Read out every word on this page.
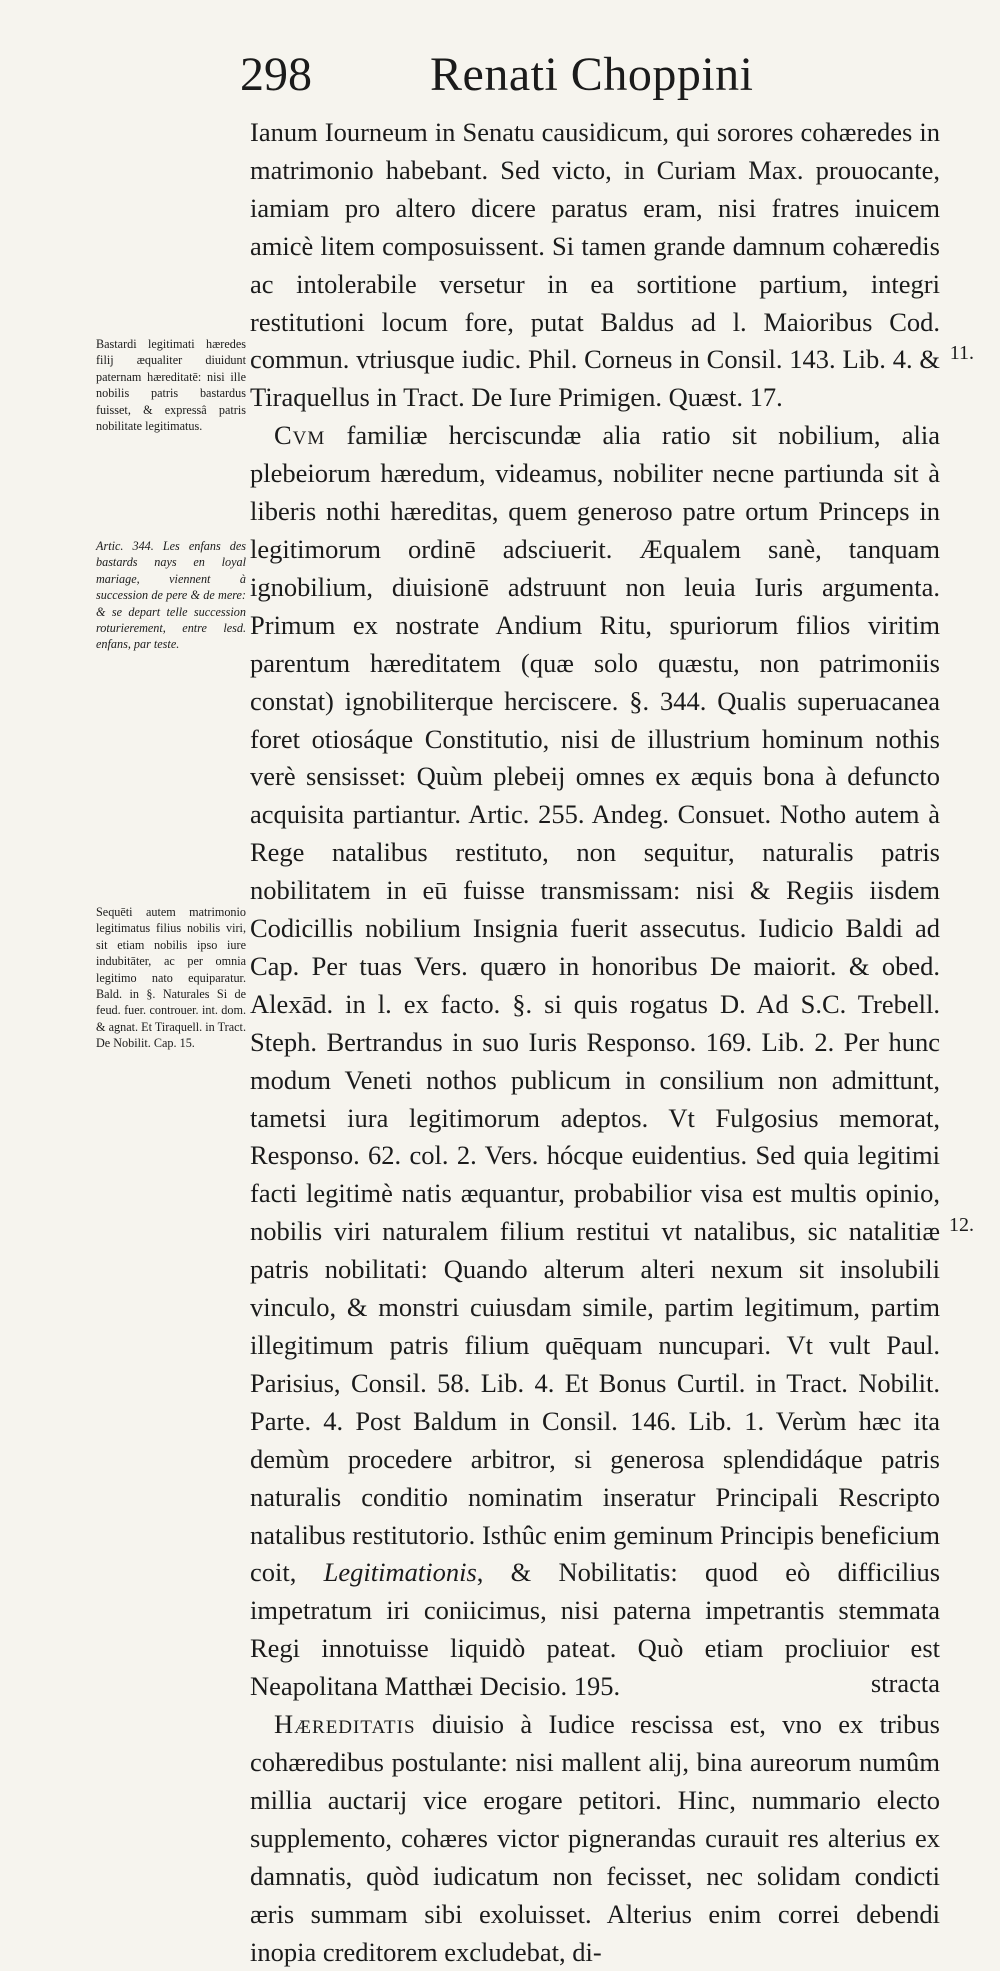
298 Renati Choppini
Bastardi legitimati hæredes filij æqualiter diuidunt paternam hæreditatē: nisi ille nobilis patris bastardus fuisset, & expressâ patris nobilitate legitimatus.
Artic. 344. Les enfans des bastards nays en loyal mariage, viennent à succession de pere & de mere: & se depart telle succession roturierement, entre lesd. enfans, par teste.
Sequēti autem matrimonio legitimatus filius nobilis viri, sit etiam nobilis ipso iure indubitāter, ac per omnia legitimo nato equiparatur. Bald. in §. Naturales Si de feud. fuer. controuer. int. dom. & agnat. Et Tiraquell. in Tract. De Nobilit. Cap. 15.
11.
12.

Ianum Iourneum in Senatu causidicum, qui sorores cohæredes in matrimonio habebant. Sed victo, in Curiam Max. prouocante, iamiam pro altero dicere paratus eram, nisi fratres inuicem amicè litem composuissent. Si tamen grande damnum cohæredis ac intolerabile versetur in ea sortitione partium, integri restitutioni locum fore, putat Baldus ad l. Maioribus Cod. commun. vtriusque iudic. Phil. Corneus in Consil. 143. Lib. 4. & Tiraquellus in Tract. De Iure Primigen. Quæst. 17.

Cvm familiæ herciscundæ alia ratio sit nobilium, alia plebeiorum hæredum, videamus, nobiliter necne partiunda sit à liberis nothi hæreditas, quem generoso patre ortum Princeps in legitimorum ordinē adsciuerit. Æqualem sanè, tanquam ignobilium, diuisionē adstruunt non leuia Iuris argumenta. Primum ex nostrate Andium Ritu, spuriorum filios viritim parentum hæreditatem (quæ solo quæstu, non patrimoniis constat) ignobiliterque herciscere. §. 344. Qualis superuacanea foret otiosáque Constitutio, nisi de illustrium hominum nothis verè sensisset: Quùm plebeij omnes ex æquis bona à defuncto acquisita partiantur. Artic. 255. Andeg. Consuet. Notho autem à Rege natalibus restituto, non sequitur, naturalis patris nobilitatem in eū fuisse transmissam: nisi & Regiis iisdem Codicillis nobilium Insignia fuerit assecutus. Iudicio Baldi ad Cap. Per tuas Vers. quæro in honoribus De maiorit. & obed. Alexād. in l. ex facto. §. si quis rogatus D. Ad S.C. Trebell. Steph. Bertrandus in suo Iuris Responso. 169. Lib. 2. Per hunc modum Veneti nothos publicum in consilium non admittunt, tametsi iura legitimorum adeptos. Vt Fulgosius memorat, Responso. 62. col. 2. Vers. hócque euidentius. Sed quia legitimi facti legitimè natis æquantur, probabilior visa est multis opinio, nobilis viri naturalem filium restitui vt natalibus, sic natalitiæ patris nobilitati: Quando alterum alteri nexum sit insolubili vinculo, & monstri cuiusdam simile, partim legitimum, partim illegitimum patris filium quēquam nuncupari. Vt vult Paul. Parisius, Consil. 58. Lib. 4. Et Bonus Curtil. in Tract. Nobilit. Parte. 4. Post Baldum in Consil. 146. Lib. 1. Verùm hæc ita demùm procedere arbitror, si generosa splendidáque patris naturalis conditio nominatim inseratur Principali Rescripto natalibus restitutorio. Isthûc enim geminum Principis beneficium coit, Legitimationis, & Nobilitatis: quod eò difficilius impetratum iri coniicimus, nisi paterna impetrantis stemmata Regi innotuisse liquidò pateat. Quò etiam procliuior est Neapolitana Matthæi Decisio. 195.

Hæreditatis diuisio à Iudice rescissa est, vno ex tribus cohæredibus postulante: nisi mallent alij, bina aureorum numûm millia auctarij vice erogare petitori. Hinc, nummario electo supplemento, cohæres victor pignerandas curauit res alterius ex damnatis, quòd iudicatum non fecisset, nec solidam condicti æris summam sibi exoluisset. Alterius enim correi debendi inopia creditorem excludebat, di-

stracta
